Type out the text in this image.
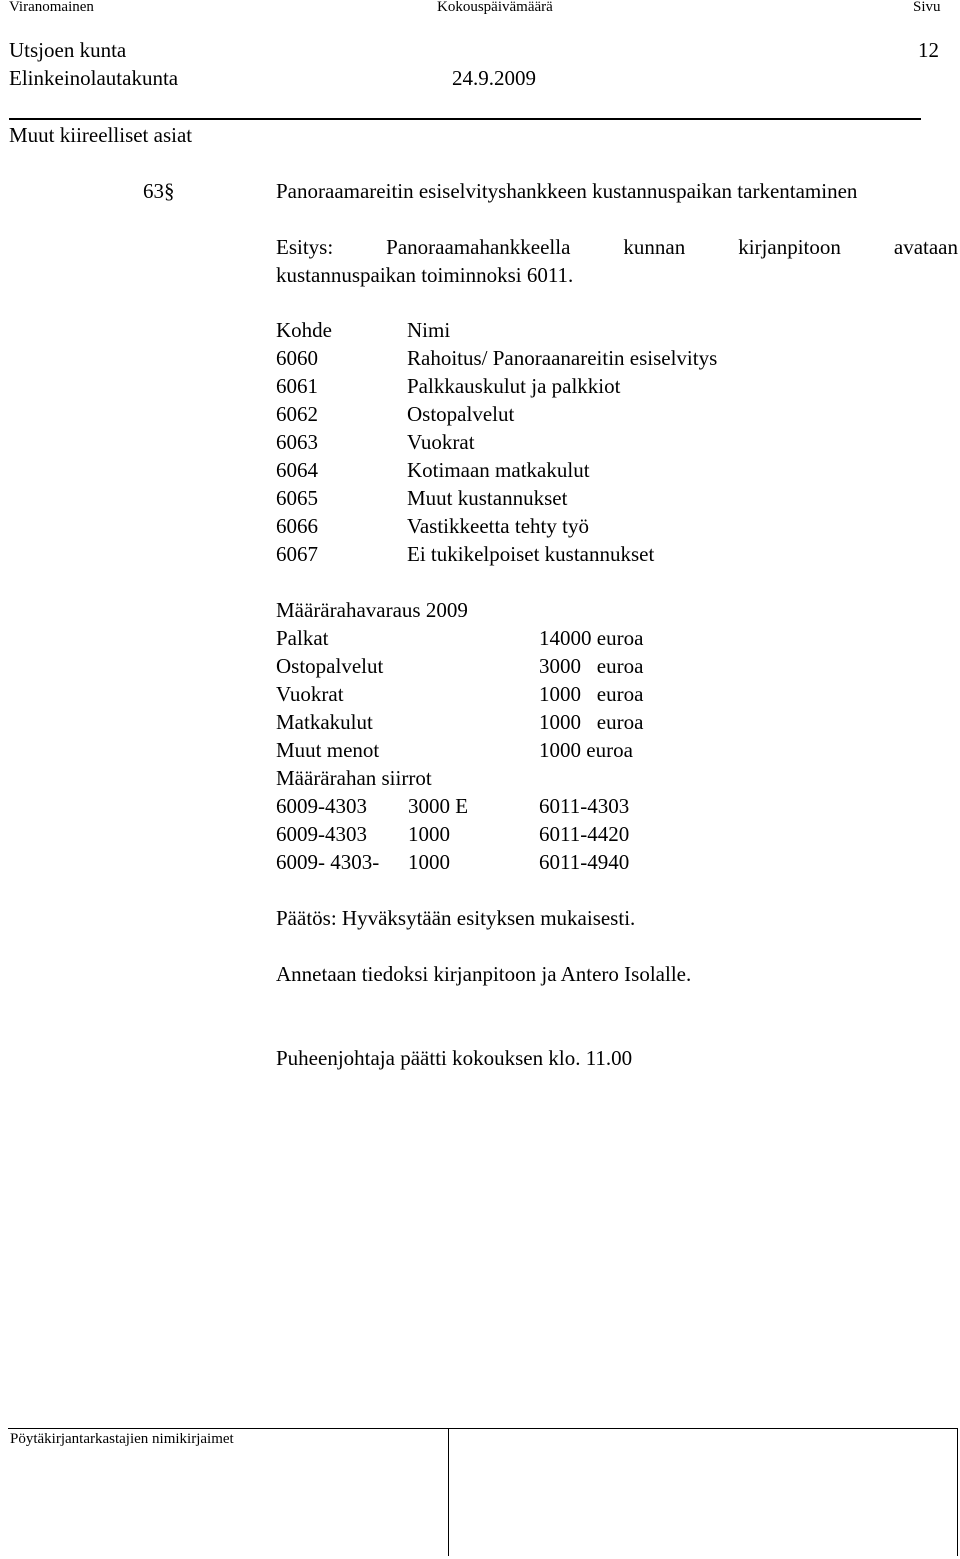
Viranomainen	Kokouspäivämäärä	Sivu
Utsjoen kunta	12
Elinkeinolautakunta	24.9.2009
Muut kiireelliset asiat
63§	Panoraamareitin esiselvityshankkeen kustannuspaikan tarkentaminen
Esitys: Panoraamahankkeella kunnan kirjanpitoon avataan
kustannuspaikan toiminnoksi 6011.
Kohde	Nimi
6060	Rahoitus/ Panoraanareitin esiselvitys
6061	Palkkauskulut ja palkkiot
6062	Ostopalvelut
6063	Vuokrat
6064	Kotimaan matkakulut
6065	Muut kustannukset
6066	Vastikkeetta tehty työ
6067	Ei tukikelpoiset kustannukset
Määrärahavaraus 2009
Palkat	14000 euroa
Ostopalvelut	3000   euroa
Vuokrat	1000   euroa
Matkakulut	1000   euroa
Muut menot	1000 euroa
Määrärahan siirrot
6009-4303 3000 E	6011-4303
6009-4303 1000	6011-4420
6009- 4303- 1000	6011-4940
Päätös: Hyväksytään esityksen mukaisesti.
Annetaan tiedoksi kirjanpitoon ja Antero Isolalle.
Puheenjohtaja päätti kokouksen klo. 11.00
Pöytäkirjantarkastajien nimikirjaimet
